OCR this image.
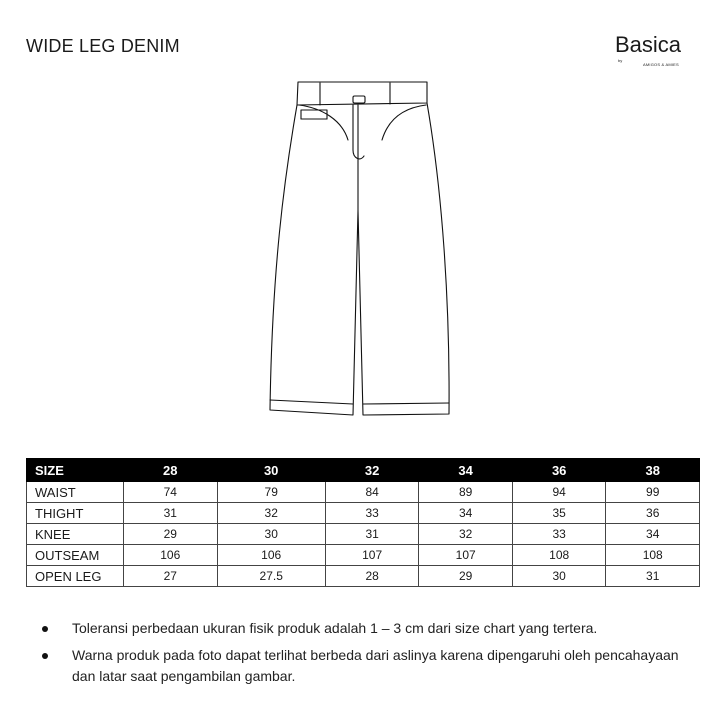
WIDE LEG DENIM	Basica
by
AMIGOS & AMIES
SIZE	28	30	32	34	36	38
WAIST	74	79	84	89	94	99
THIGHT	31	32	33	34	35	36
KNEE	29	30	31	32	33	34
OUTSEAM	106	106	107	107	108	108
OPEN LEG	27	27.5	28	29	30	31
Toleransi perbedaan ukuran fisik produk adalah 1 – 3 cm dari size chart yang tertera.
Warna produk pada foto dapat terlihat berbeda dari aslinya karena dipengaruhi oleh pencahayaan dan latar saat pengambilan gambar.
